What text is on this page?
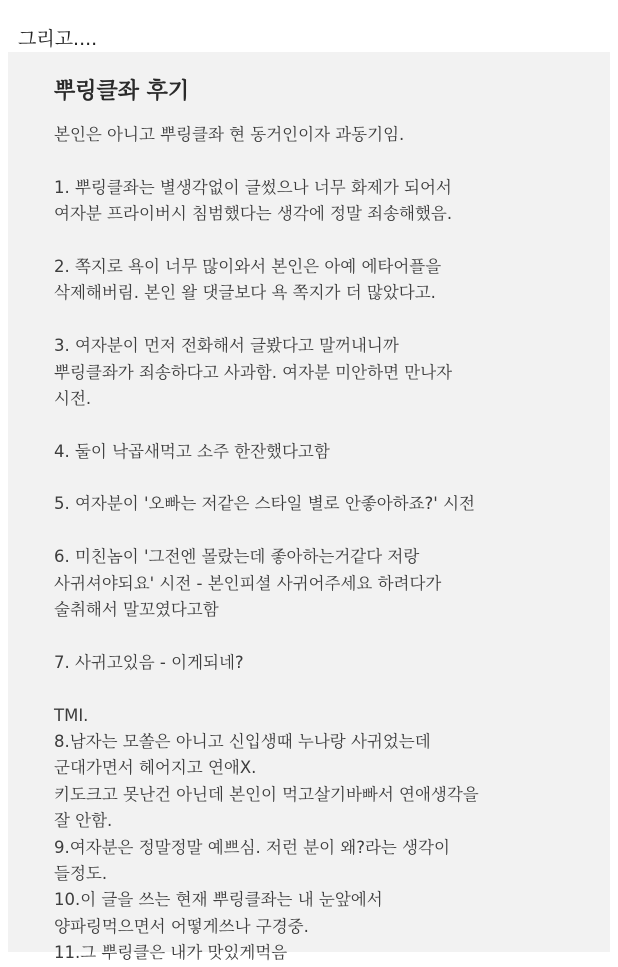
그리고....
뿌링클좌 후기
본인은 아니고 뿌링클좌 현 동거인이자 과동기임.
1. 뿌링클좌는 별생각없이 글썼으나 너무 화제가 되어서
여자분 프라이버시 침범했다는 생각에 정말 죄송해했음.
2. 쪽지로 욕이 너무 많이와서 본인은 아예 에타어플을
삭제해버림. 본인 왈 댓글보다 욕 쪽지가 더 많았다고.
3. 여자분이 먼저 전화해서 글봤다고 말꺼내니까
뿌링클좌가 죄송하다고 사과함. 여자분 미안하면 만나자
시전.
4. 둘이 낙곱새먹고 소주 한잔했다고함
5. 여자분이 '오빠는 저같은 스타일 별로 안좋아하죠?' 시전
6. 미친놈이 '그전엔 몰랐는데 좋아하는거같다 저랑
사귀셔야되요' 시전 - 본인피셜 사귀어주세요 하려다가
술취해서 말꼬였다고함
7. 사귀고있음 - 이게되네?
TMI.
8.남자는 모쏠은 아니고 신입생때 누나랑 사귀었는데
군대가면서 헤어지고 연애X.
키도크고 못난건 아닌데 본인이 먹고살기바빠서 연애생각을
잘 안함.
9.여자분은 정말정말 예쁘심. 저런 분이 왜?라는 생각이
들정도.
10.이 글을 쓰는 현재 뿌링클좌는 내 눈앞에서
양파링먹으면서 어떻게쓰나 구경중.
11.그 뿌링클은 내가 맛있게먹음
